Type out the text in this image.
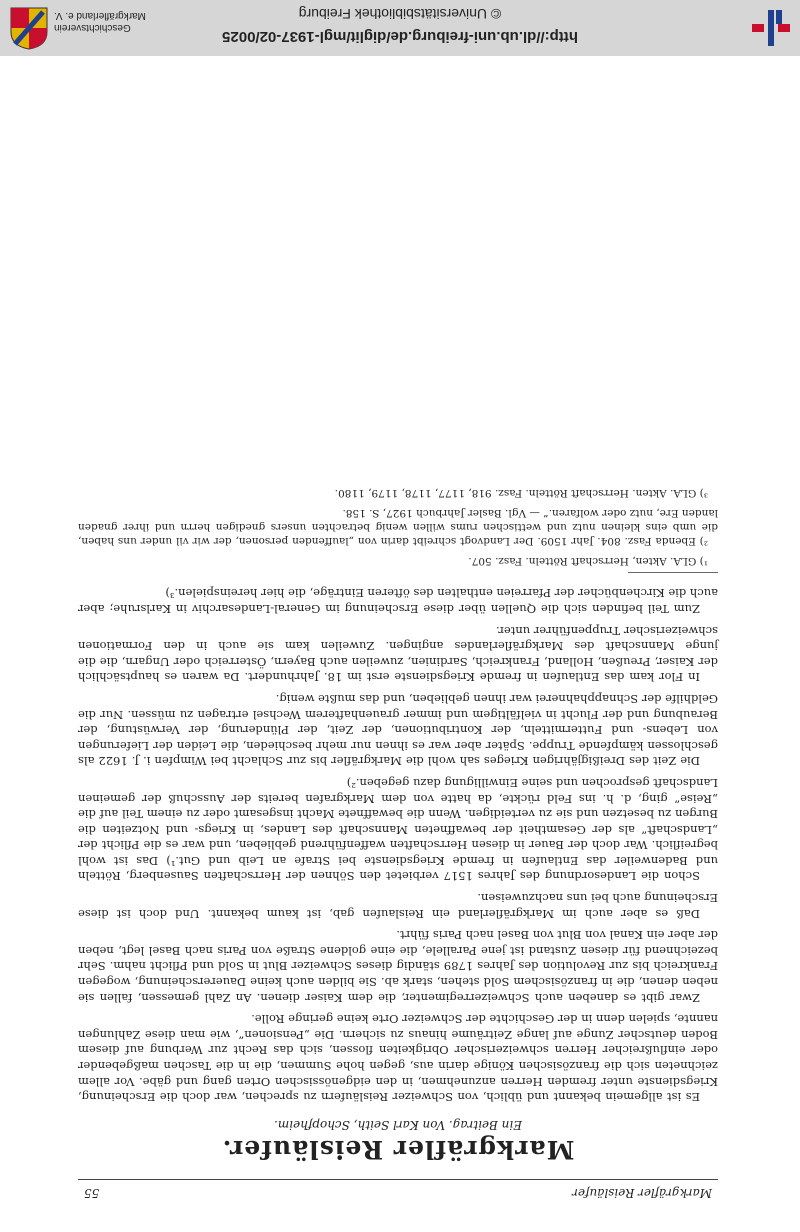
Geschichtsverein Markgräflerland e. V.	© Universitätsbibliothek Freiburg
http://dl.ub.uni-freiburg.de/diglit/mgl-1937-02/0025
Markgräfler Reisläufer
55
Markgräfler Reisläufer.
Ein Beitrag. Von Karl Seith, Schopfheim.

Es ist allgemein bekannt und üblich, von Schweizer Reisläufern zu sprechen, war doch die Erscheinung, Kriegsdienste unter fremden Herren anzunehmen, in den eidgenössischen Orten gang und gäbe. Vor allem zeichneten sich die französischen Könige darin aus, gegen hohe Summen, die in die Taschen maßgebender oder einflußreicher Herren schweizerischer Obrigkeiten flossen, sich das Recht zur Werbung auf diesem Boden deutscher Zunge auf lange Zeiträume hinaus zu sichern. Die „Pensionen“, wie man diese Zahlungen nannte, spielen denn in der Geschichte der Schweizer Orte keine geringe Rolle.

Zwar gibt es daneben auch Schweizerregimenter, die dem Kaiser dienen. An Zahl gemessen, fallen sie neben denen, die in französischem Sold stehen, stark ab. Sie bilden auch keine Dauererscheinung, wogegen Frankreich bis zur Revolution des Jahres 1789 ständig dieses Schweizer Blut in Sold und Pflicht nahm. Sehr bezeichnend für diesen Zustand ist jene Parallele, die eine goldene Straße von Paris nach Basel legt, neben der aber ein Kanal von Blut von Basel nach Paris führt.

Daß es aber auch im Markgräflerland ein Reislaufen gab, ist kaum bekannt. Und doch ist diese Erscheinung auch bei uns nachzuweisen.

Schon die Landesordnung des Jahres 1517 verbietet den Söhnen der Herrschaften Sausenberg, Rötteln und Badenweiler das Entlaufen in fremde Kriegsdienste bei Strafe an Leib und Gut.¹) Das ist wohl begreiflich. War doch der Bauer in diesen Herrschaften waffenführend geblieben, und war es die Pflicht der „Landschaft“ als der Gesamtheit der bewaffneten Mannschaft des Landes, in Kriegs- und Notzeiten die Burgen zu besetzen und sie zu verteidigen. Wenn die bewaffnete Macht insgesamt oder zu einem Teil auf die „Reise“ ging, d. h. ins Feld rückte, da hatte von dem Markgrafen bereits der Ausschuß der gemeinen Landschaft gesprochen und seine Einwilligung dazu gegeben.²)

Die Zeit des Dreißigjährigen Krieges sah wohl die Markgräfler bis zur Schlacht bei Wimpfen i. J. 1622 als geschlossen kämpfende Truppe. Später aber war es ihnen nur mehr beschieden, die Leiden der Lieferungen von Lebens- und Futtermitteln, der Kontributionen, der Zeit, der Plünderung, der Verwüstung, der Beraubung und der Flucht in vielfältigem und immer grauenhafterem Wechsel ertragen zu müssen. Nur die Geldhilfe der Schnapphahnerei war ihnen geblieben, und das mußte wenig.

In Flor kam das Entlaufen in fremde Kriegsdienste erst im 18. Jahrhundert. Da waren es hauptsächlich der Kaiser, Preußen, Holland, Frankreich, Sardinien, zuweilen auch Bayern, Österreich oder Ungarn, die die junge Mannschaft des Markgräflerlandes angingen. Zuweilen kam sie auch in den Formationen schweizerischer Truppenführer unter.

Zum Teil befinden sich die Quellen über diese Erscheinung im General-Landesarchiv in Karlsruhe; aber auch die Kirchenbücher der Pfarreien enthalten des öfteren Einträge, die hier hereinspielen.³)

¹) GLA. Akten, Herrschaft Rötteln. Fasz. 507.

²) Ebenda Fasz. 804. Jahr 1509. Der Landvogt schreibt darin von „lauffenden personen, der wir vil under uns haben, die umb eins kleinen nutz und wettischen rums willen wenig betrachten unsers gnedigen herrn und ihrer gnaden landen Ere, nutz oder wolfaren.“ — Vgl. Basler Jahrbuch 1927, S. 158.

³) GLA. Akten. Herrschaft Rötteln. Fasz. 918, 1177, 1178, 1179, 1180.
